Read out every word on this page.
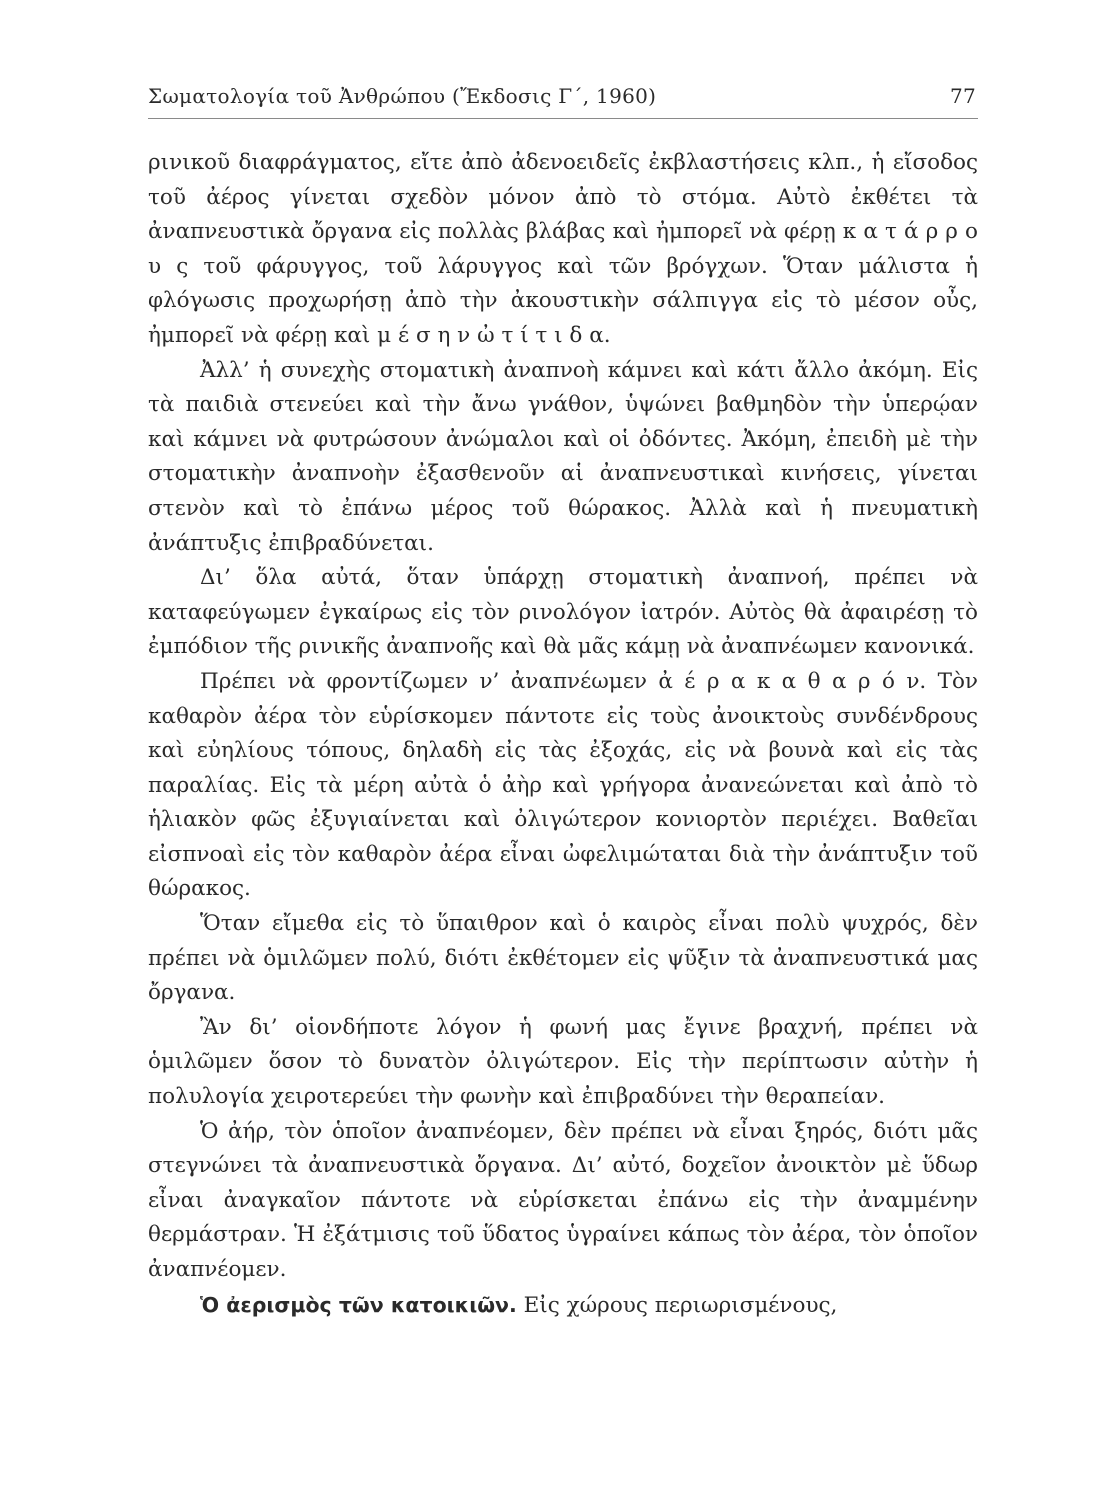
Σωματολογία τοῦ Ἀνθρώπου (Ἔκδοσις Γ΄, 1960)	77

ρινικοῦ διαφράγματος, εἴτε ἀπὸ ἀδενοειδεῖς ἐκβλαστήσεις κλπ., ἡ εἴσοδος τοῦ ἀέρος γίνεται σχεδὸν μόνον ἀπὸ τὸ στόμα. Αὐτὸ ἐκθέτει τὰ ἀναπνευστικὰ ὄργανα εἰς πολλὰς βλάβας καὶ ἠμπορεῖ νὰ φέρῃ κ α τ ά ρ ρ ο υ ς τοῦ φάρυγγος, τοῦ λάρυγγος καὶ τῶν βρόγχων. Ὅταν μάλιστα ἡ φλόγωσις προχωρήσῃ ἀπὸ τὴν ἀκουστικὴν σάλπιγγα εἰς τὸ μέσον οὖς, ἠμπορεῖ νὰ φέρῃ καὶ μ έ σ η ν ὠ τ ί τ ι δ α.

Ἀλλ’ ἡ συνεχὴς στοματικὴ ἀναπνοὴ κάμνει καὶ κάτι ἄλλο ἀκόμη. Εἰς τὰ παιδιὰ στενεύει καὶ τὴν ἄνω γνάθον, ὑψώνει βαθμηδὸν τὴν ὑπερῴαν καὶ κάμνει νὰ φυτρώσουν ἀνώμαλοι καὶ οἱ ὀδόντες. Ἀκόμη, ἐπειδὴ μὲ τὴν στοματικὴν ἀναπνοὴν ἐξασθενοῦν αἱ ἀναπνευστικαὶ κινήσεις, γίνεται στενὸν καὶ τὸ ἐπάνω μέρος τοῦ θώρακος. Ἀλλὰ καὶ ἡ πνευματικὴ ἀνάπτυξις ἐπιβραδύνεται.

Δι’ ὅλα αὐτά, ὅταν ὑπάρχῃ στοματικὴ ἀναπνοή, πρέπει νὰ καταφεύγωμεν ἐγκαίρως εἰς τὸν ρινολόγον ἰατρόν. Αὐτὸς θὰ ἀφαιρέσῃ τὸ ἐμπόδιον τῆς ρινικῆς ἀναπνοῆς καὶ θὰ μᾶς κάμῃ νὰ ἀναπνέωμεν κανονικά.

Πρέπει νὰ φροντίζωμεν ν’ ἀναπνέωμεν ἀ έ ρ α κ α θ α ρ ό ν. Τὸν καθαρὸν ἀέρα τὸν εὑρίσκομεν πάντοτε εἰς τοὺς ἀνοικτοὺς συνδένδρους καὶ εὐηλίους τόπους, δηλαδὴ εἰς τὰς ἐξοχάς, εἰς νὰ βουνὰ καὶ εἰς τὰς παραλίας. Εἰς τὰ μέρη αὐτὰ ὁ ἀὴρ καὶ γρήγορα ἀνανεώνεται καὶ ἀπὸ τὸ ἡλιακὸν φῶς ἐξυγιαίνεται καὶ ὀλιγώτερον κονιορτὸν περιέχει. Βαθεῖαι εἰσπνοαὶ εἰς τὸν καθαρὸν ἀέρα εἶναι ὠφελιμώταται διὰ τὴν ἀνάπτυξιν τοῦ θώρακος.

Ὅταν εἴμεθα εἰς τὸ ὕπαιθρον καὶ ὁ καιρὸς εἶναι πολὺ ψυχρός, δὲν πρέπει νὰ ὁμιλῶμεν πολύ, διότι ἐκθέτομεν εἰς ψῦξιν τὰ ἀναπνευστικά μας ὄργανα.

Ἂν δι’ οἱονδήποτε λόγον ἡ φωνή μας ἔγινε βραχνή, πρέπει νὰ ὁμιλῶμεν ὅσον τὸ δυνατὸν ὀλιγώτερον. Εἰς τὴν περίπτωσιν αὐτὴν ἡ πολυλογία χειροτερεύει τὴν φωνὴν καὶ ἐπιβραδύνει τὴν θεραπείαν.

Ὁ ἀήρ, τὸν ὁποῖον ἀναπνέομεν, δὲν πρέπει νὰ εἶναι ξηρός, διότι μᾶς στεγνώνει τὰ ἀναπνευστικὰ ὄργανα. Δι’ αὐτό, δοχεῖον ἀνοικτὸν μὲ ὕδωρ εἶναι ἀναγκαῖον πάντοτε νὰ εὑρίσκεται ἐπάνω εἰς τὴν ἀναμμένην θερμάστραν. Ἡ ἐξάτμισις τοῦ ὕδατος ὑγραίνει κάπως τὸν ἀέρα, τὸν ὁποῖον ἀναπνέομεν.

Ὁ ἀερισμὸς τῶν κατοικιῶν. Εἰς χώρους περιωρισμένους,
